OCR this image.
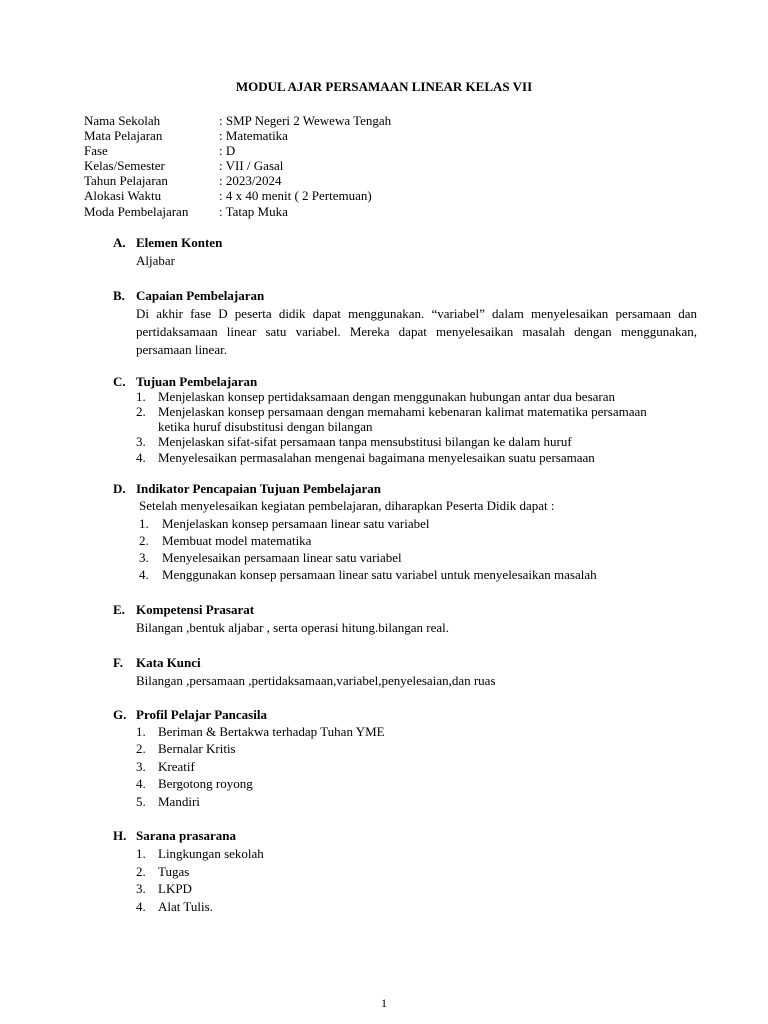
MODUL AJAR PERSAMAAN LINEAR KELAS VII
Nama Sekolah	: SMP Negeri 2 Wewewa Tengah
Mata Pelajaran	: Matematika
Fase	: D
Kelas/Semester	: VII / Gasal
Tahun Pelajaran	: 2023/2024
Alokasi Waktu	: 4 x 40 menit ( 2 Pertemuan)
Moda Pembelajaran : Tatap Muka
A. Elemen Konten
Aljabar
B. Capaian Pembelajaran
Di akhir fase D peserta didik dapat menggunakan. “variabel” dalam menyelesaikan persamaan dan pertidaksamaan linear satu variabel. Mereka dapat menyelesaikan masalah dengan menggunakan, persamaan linear.
C. Tujuan Pembelajaran
1. Menjelaskan konsep pertidaksamaan dengan menggunakan hubungan antar dua besaran
2. Menjelaskan konsep persamaan dengan memahami kebenaran kalimat matematika persamaan
ketika huruf disubstitusi dengan bilangan
3. Menjelaskan sifat-sifat persamaan tanpa mensubstitusi bilangan ke dalam huruf
4. Menyelesaikan permasalahan mengenai bagaimana menyelesaikan suatu persamaan
D. Indikator Pencapaian Tujuan Pembelajaran
Setelah menyelesaikan kegiatan pembelajaran, diharapkan Peserta Didik dapat :
1. Menjelaskan konsep persamaan linear satu variabel
2. Membuat model matematika
3. Menyelesaikan persamaan linear satu variabel
4. Menggunakan konsep persamaan linear satu variabel untuk menyelesaikan masalah
E. Kompetensi Prasarat
Bilangan ,bentuk aljabar , serta operasi hitung.bilangan real.
F. Kata Kunci
Bilangan ,persamaan ,pertidaksamaan,variabel,penyelesaian,dan ruas
G. Profil Pelajar Pancasila
1. Beriman & Bertakwa terhadap Tuhan YME
2. Bernalar Kritis
3. Kreatif
4. Bergotong royong
5. Mandiri
H. Sarana prasarana
1. Lingkungan sekolah
2. Tugas
3. LKPD
4. Alat Tulis.
1
